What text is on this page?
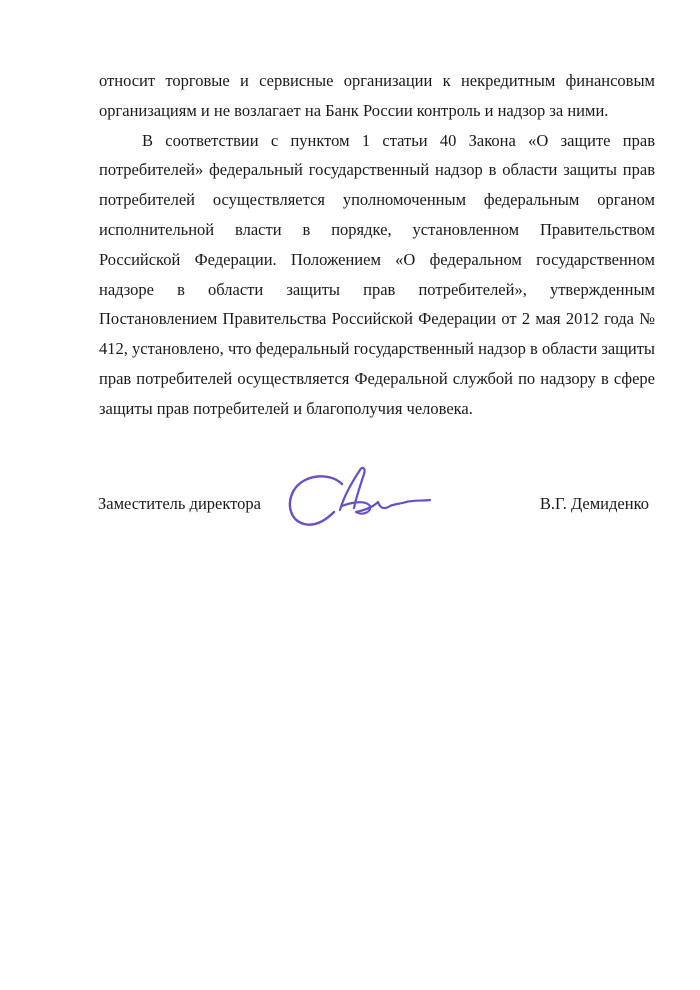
относит торговые и сервисные организации к некредитным финансовым организациям и не возлагает на Банк России контроль и надзор за ними.

В соответствии с пунктом 1 статьи 40 Закона «О защите прав потребителей» федеральный государственный надзор в области защиты прав потребителей осуществляется уполномоченным федеральным органом исполнительной власти в порядке, установленном Правительством Российской Федерации. Положением «О федеральном государственном надзоре в области защиты прав потребителей», утвержденным Постановлением Правительства Российской Федерации от 2 мая 2012 года № 412, установлено, что федеральный государственный надзор в области защиты прав потребителей осуществляется Федеральной службой по надзору в сфере защиты прав потребителей и благополучия человека.

Заместитель директора	В.Г. Демиденко
